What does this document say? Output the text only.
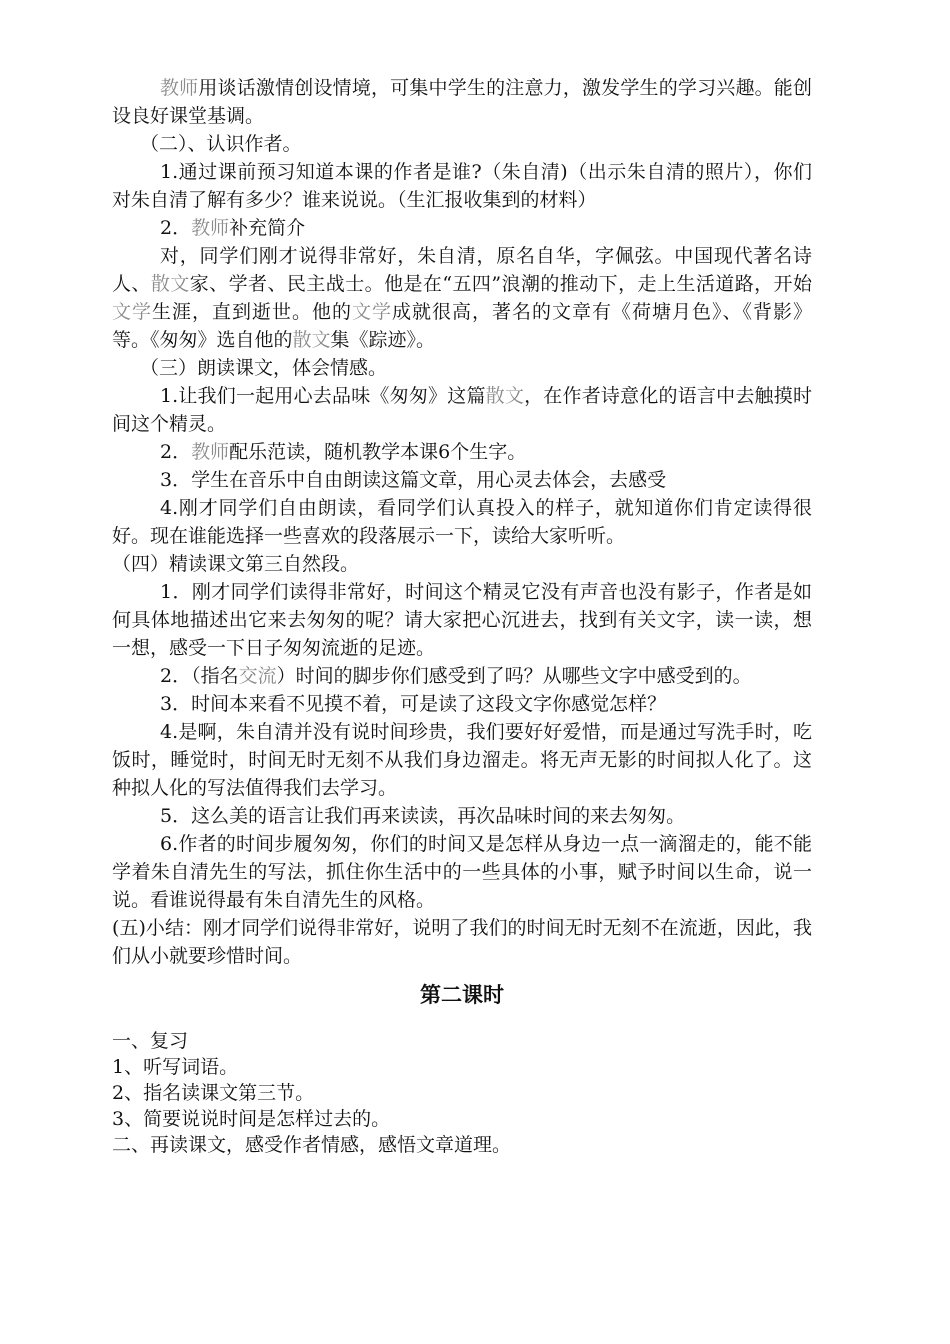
教师用谈话激情创设情境，可集中学生的注意力，激发学生的学习兴趣。能创设良好课堂基调。

（二）、认识作者。

1.通过课前预习知道本课的作者是谁?（朱自清)（出示朱自清的照片），你们对朱自清了解有多少？谁来说说。（生汇报收集到的材料）

2．教师补充简介

对，同学们刚才说得非常好，朱自清，原名自华，字佩弦。中国现代著名诗人、散文家、学者、民主战士。他是在“五四”浪潮的推动下，走上生活道路，开始文学生涯，直到逝世。他的文学成就很高，著名的文章有《荷塘月色》、《背影》等。《匆匆》选自他的散文集《踪迹》。

（三）朗读课文，体会情感。

1.让我们一起用心去品味《匆匆》这篇散文，在作者诗意化的语言中去触摸时间这个精灵。

2．教师配乐范读，随机教学本课6个生字。

3．学生在音乐中自由朗读这篇文章，用心灵去体会，去感受

4.刚才同学们自由朗读，看同学们认真投入的样子，就知道你们肯定读得很好。现在谁能选择一些喜欢的段落展示一下，读给大家听听。

（四）精读课文第三自然段。

1．刚才同学们读得非常好，时间这个精灵它没有声音也没有影子，作者是如何具体地描述出它来去匆匆的呢？请大家把心沉进去，找到有关文字，读一读，想一想，感受一下日子匆匆流逝的足迹。

2．（指名交流）时间的脚步你们感受到了吗？从哪些文字中感受到的。

3．时间本来看不见摸不着，可是读了这段文字你感觉怎样？

4.是啊，朱自清并没有说时间珍贵，我们要好好爱惜，而是通过写洗手时，吃饭时，睡觉时，时间无时无刻不从我们身边溜走。将无声无影的时间拟人化了。这种拟人化的写法值得我们去学习。

5．这么美的语言让我们再来读读，再次品味时间的来去匆匆。

6.作者的时间步履匆匆，你们的时间又是怎样从身边一点一滴溜走的，能不能学着朱自清先生的写法，抓住你生活中的一些具体的小事，赋予时间以生命，说一说。看谁说得最有朱自清先生的风格。

(五)小结：刚才同学们说得非常好，说明了我们的时间无时无刻不在流逝，因此，我们从小就要珍惜时间。

第二课时
一、复习
1、听写词语。
2、指名读课文第三节。
3、简要说说时间是怎样过去的。
二、再读课文，感受作者情感，感悟文章道理。
